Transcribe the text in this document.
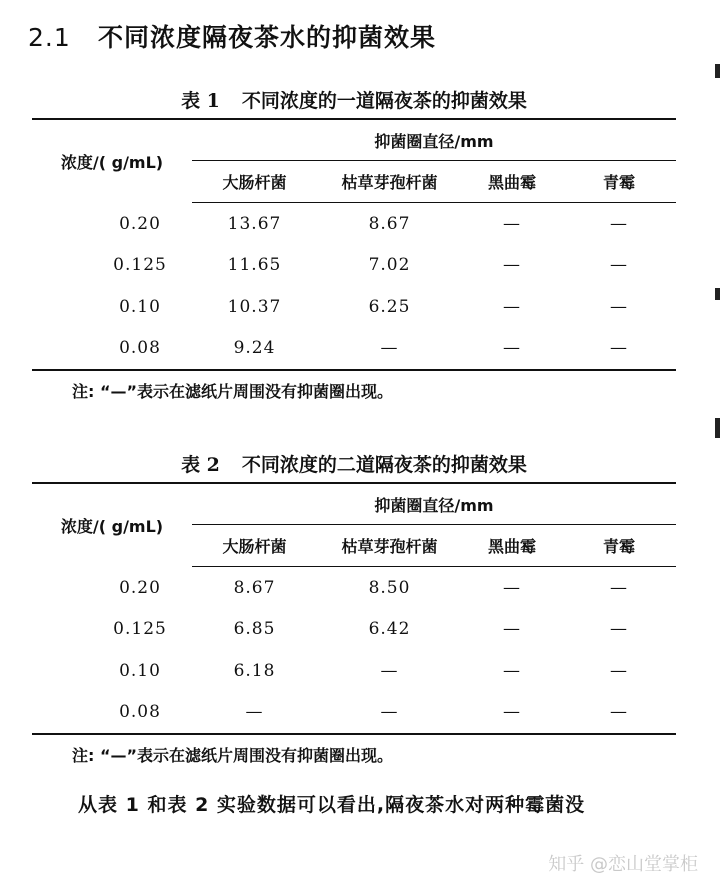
2.1 不同浓度隔夜茶水的抑菌效果
表 1 不同浓度的一道隔夜茶的抑菌效果
浓度/( g/mL)	抑菌圈直径/mm			
	大肠杆菌	枯草芽孢杆菌	黑曲霉	青霉
0.20	13.67	8.67	—	—
0.125	11.65	7.02	—	—
0.10	10.37	6.25	—	—
0.08	9.24	—	—	—
注: “—”表示在滤纸片周围没有抑菌圈出现。
表 2 不同浓度的二道隔夜茶的抑菌效果
浓度/( g/mL)	抑菌圈直径/mm			
	大肠杆菌	枯草芽孢杆菌	黑曲霉	青霉
0.20	8.67	8.50	—	—
0.125	6.85	6.42	—	—
0.10	6.18	—	—	—
0.08	—	—	—	—
注: “—”表示在滤纸片周围没有抑菌圈出现。

从表 1 和表 2 实验数据可以看出,隔夜茶水对两种霉菌没

知乎 @恋山堂掌柜
